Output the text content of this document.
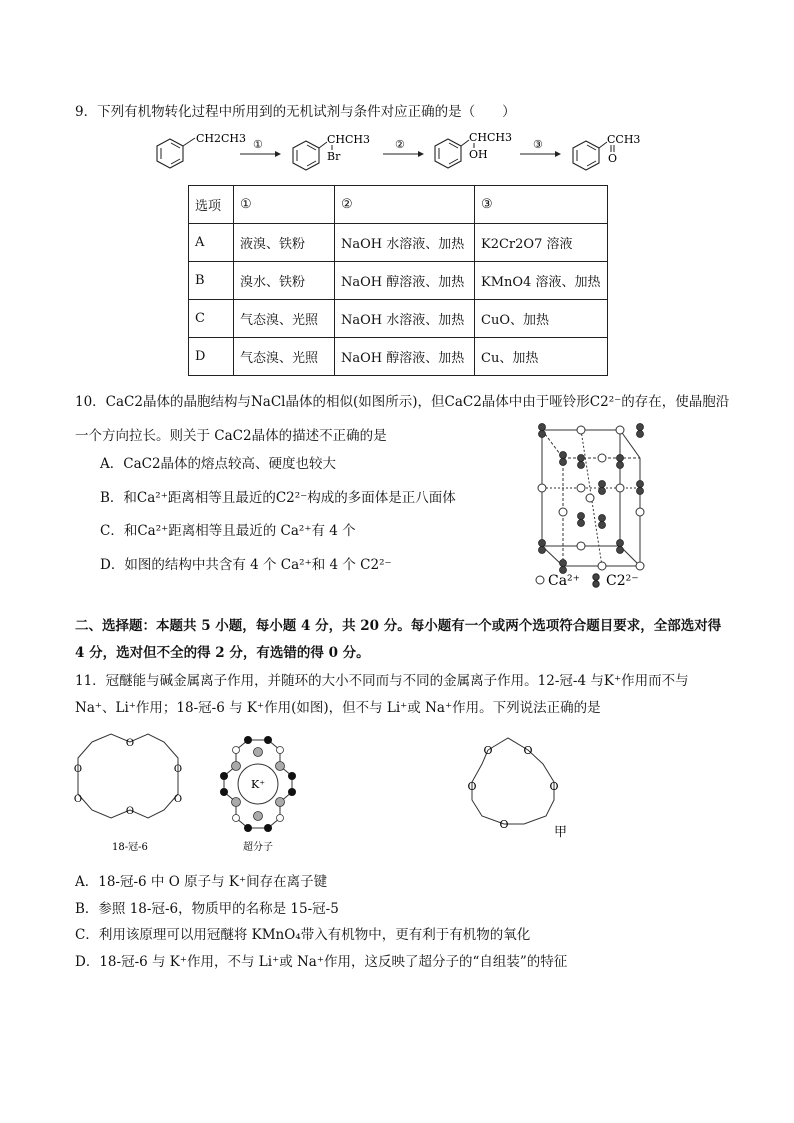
9．下列有机物转化过程中所用到的无机试剂与条件对应正确的是（　　）
CH2CH3 ①	CHCH3
Br
②
CHCH3
OH
③	CCH3
O
选项	①	②	③
A	液溴、铁粉	NaOH 水溶液、加热	K2Cr2O7 溶液
B	溴水、铁粉	NaOH 醇溶液、加热	KMnO4 溶液、加热
C	气态溴、光照	NaOH 水溶液、加热	CuO、加热
D	气态溴、光照	NaOH 醇溶液、加热	Cu、加热
10．CaC2晶体的晶胞结构与NaCl晶体的相似(如图所示)，但CaC2晶体中由于哑铃形C2²⁻的存在，使晶胞沿
一个方向拉长。则关于 CaC2晶体的描述不正确的是
A．CaC2晶体的熔点较高、硬度也较大
B．和Ca²⁺距离相等且最近的C2²⁻构成的多面体是正八面体
C．和Ca²⁺距离相等且最近的 Ca²⁺有 4 个
D．如图的结构中共含有 4 个 Ca²⁺和 4 个 C2²⁻
Ca²⁺ C2²⁻
二、选择题：本题共 5 小题，每小题 4 分，共 20 分。每小题有一个或两个选项符合题目要求，全部选对得
4 分，选对但不全的得 2 分，有选错的得 0 分。
11．冠醚能与碱金属离子作用，并随环的大小不同而与不同的金属离子作用。12-冠-4 与K⁺作用而不与
Na⁺、Li⁺作用；18-冠-6 与 K⁺作用(如图)，但不与 Li⁺或 Na⁺作用。下列说法正确的是
O
O
O
O
O
O
18-冠-6
K⁺
超分子
O
O
O
O
O
甲
A．18-冠-6 中 O 原子与 K⁺间存在离子键
B．参照 18-冠-6，物质甲的名称是 15-冠-5
C．利用该原理可以用冠醚将 KMnO₄带入有机物中，更有利于有机物的氧化
D．18-冠-6 与 K⁺作用，不与 Li⁺或 Na⁺作用，这反映了超分子的“自组装”的特征
